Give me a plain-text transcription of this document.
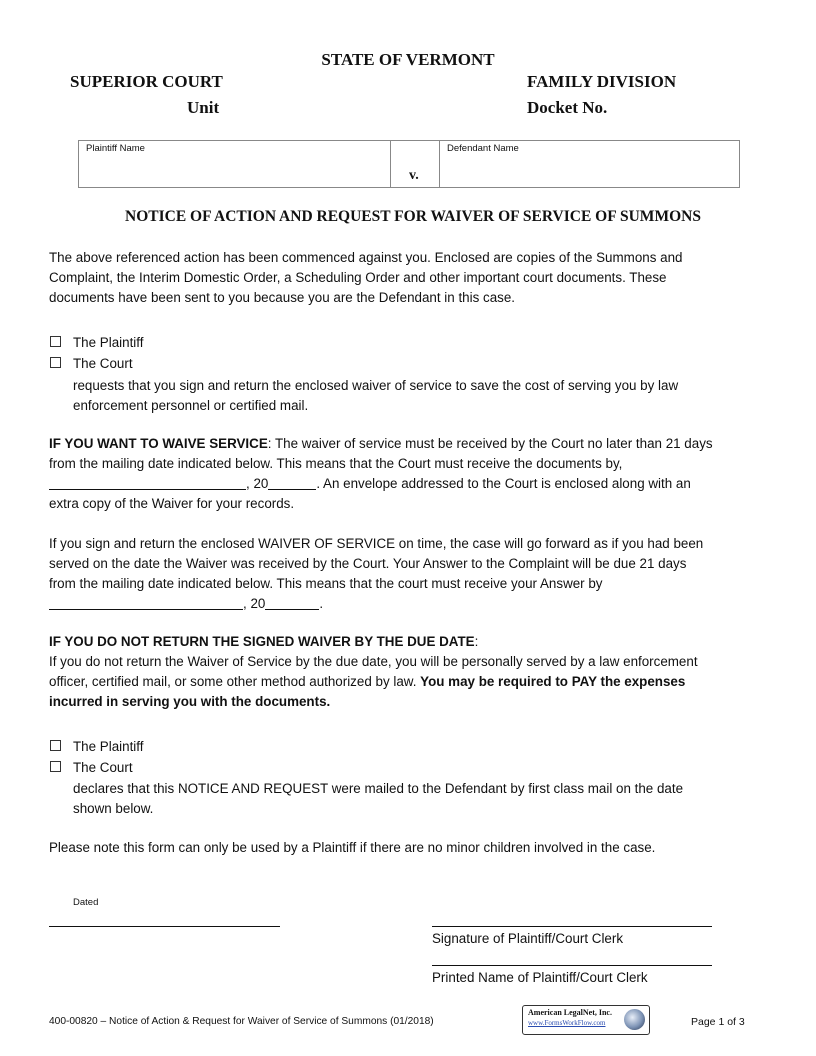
STATE OF VERMONT
SUPERIOR COURT	FAMILY DIVISION
Unit	Docket No.
Plaintiff Name
v.
Defendant Name
NOTICE OF ACTION AND REQUEST FOR WAIVER OF SERVICE OF SUMMONS
The above referenced action has been commenced against you. Enclosed are copies of the Summons and
Complaint, the Interim Domestic Order, a Scheduling Order and other important court documents. These
documents have been sent to you because you are the Defendant in this case.
The Plaintiff
The Court
requests that you sign and return the enclosed waiver of service to save the cost of serving you by law
enforcement personnel or certified mail.
IF YOU WANT TO WAIVE SERVICE: The waiver of service must be received by the Court no later than 21 days
from the mailing date indicated below. This means that the Court must receive the documents by,
, 20	. An envelope addressed to the Court is enclosed along with an
extra copy of the Waiver for your records.
If you sign and return the enclosed WAIVER OF SERVICE on time, the case will go forward as if you had been
served on the date the Waiver was received by the Court. Your Answer to the Complaint will be due 21 days
from the mailing date indicated below. This means that the court must receive your Answer by
, 20	.
IF YOU DO NOT RETURN THE SIGNED WAIVER BY THE DUE DATE:
If you do not return the Waiver of Service by the due date, you will be personally served by a law enforcement
officer, certified mail, or some other method authorized by law. You may be required to PAY the expenses
incurred in serving you with the documents.
The Plaintiff
The Court
declares that this NOTICE AND REQUEST were mailed to the Defendant by first class mail on the date
shown below.
Please note this form can only be used by a Plaintiff if there are no minor children involved in the case.
Dated
Signature of Plaintiff/Court Clerk
Printed Name of Plaintiff/Court Clerk
400-00820 – Notice of Action & Request for Waiver of Service of Summons (01/2018)
American LegalNet, Inc.
www.FormsWorkFlow.com	Page 1 of 3
